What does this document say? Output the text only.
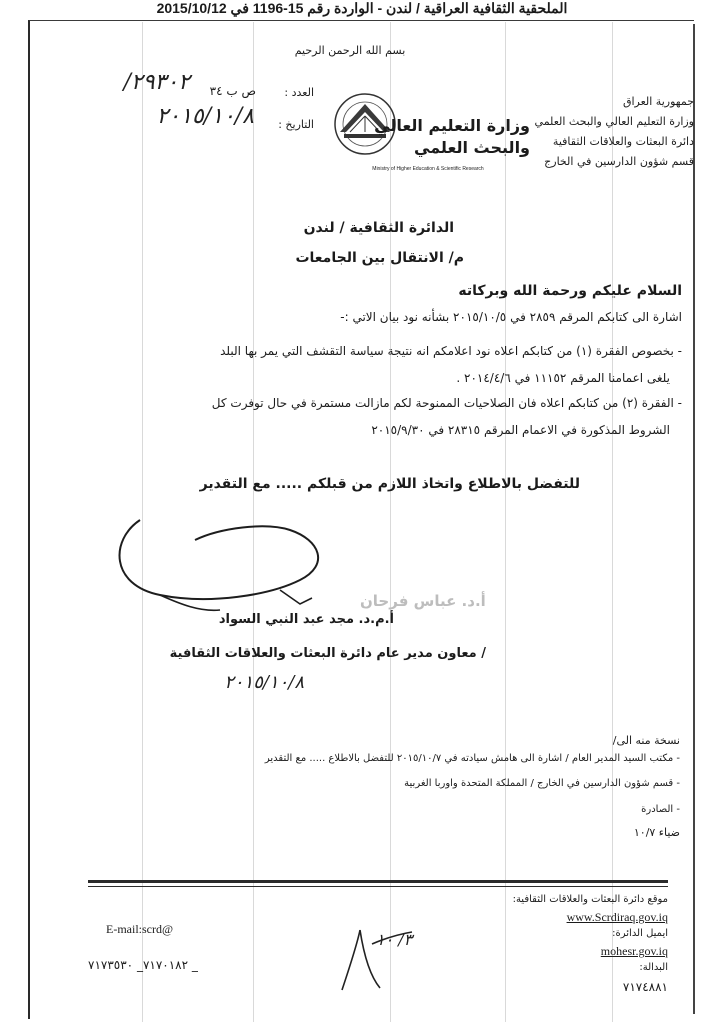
الملحقية الثقافية العراقية / لندن - الواردة رقم 15-1196 في 2015/10/12
بسم الله الرحمن الرحيم
جمهورية العراق
وزارة التعليم العالي والبحث العلمي
دائرة البعثات والعلاقات الثقافية
قسم شؤون الدارسين في الخارج
وزارة التعليم العالي
والبحث العلمي
Ministry of Higher Education & Scientific Research
العدد :
ص ب ٣٤
٢٩٣٠٢/
التاريخ :
٢٠١٥/١٠/٨
الدائرة الثقافية / لندن
م/ الانتقال بين الجامعات
السلام عليكم ورحمة الله وبركاته
اشارة الى كتابكم المرقم ٢٨٥٩ في ٢٠١٥/١٠/٥ بشأنه نود بيان الاتي :-
- بخصوص الفقرة (١) من كتابكم اعلاه نود اعلامكم انه نتيجة سياسة التقشف التي يمر بها البلد
يلغى اعمامنا المرقم ١١١٥٢ في ٢٠١٤/٤/٦ .
- الفقرة (٢) من كتابكم اعلاه فان الصلاحيات الممنوحة لكم مازالت مستمرة في حال توفرت كل
الشروط المذكورة في الاعمام المرقم ٢٨٣١٥ في ٢٠١٥/٩/٣٠
للتفضل بالاطلاع واتخاذ اللازم من قبلكم ..... مع التقدير
أ.د. عباس فرحان
أ.م.د. مجد عبد النبي السواد
/ معاون مدير عام دائرة البعثات والعلاقات الثقافية
٢٠١٥/١٠/٨
نسخة منه الى/
- مكتب السيد المدير العام / اشارة الى هامش سيادته في ٢٠١٥/١٠/٧ للتفضل بالاطلاع ..... مع التقدير
- قسم شؤون الدارسين في الخارج / المملكة المتحدة واوربا الغربية
- الصادرة
ضياء ١٠/٧
موقع دائرة البعثات والعلاقات الثقافية:
www.Scrdiraq.gov.iq
ايميل الدائرة:
mohesr.gov.iq
البدالة:
٧١٧٤٨٨١
E-mail:scrd@
_ ٧١٧٠١٨٢_ ٧١٧٣٥٣٠
٣/ ١٠
